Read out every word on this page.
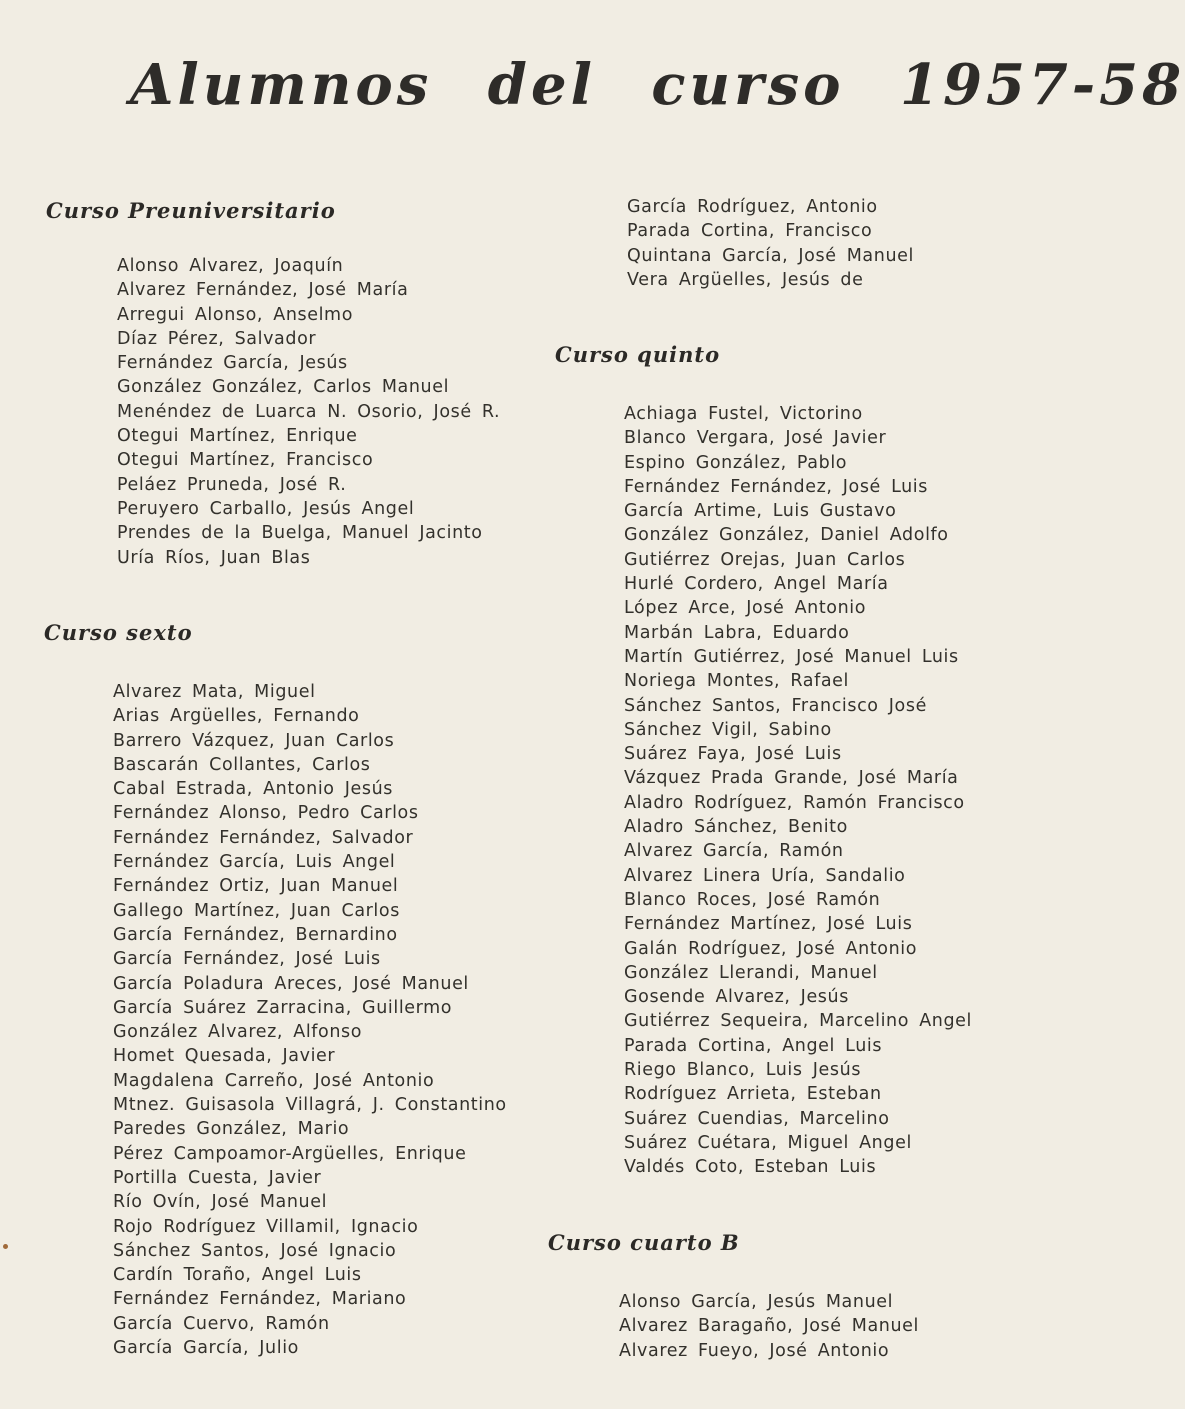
Alumnos del curso 1957-58
Curso Preuniversitario
Alonso Alvarez, Joaquín
Alvarez Fernández, José María
Arregui Alonso, Anselmo
Díaz Pérez, Salvador
Fernández García, Jesús
González González, Carlos Manuel
Menéndez de Luarca N. Osorio, José R.
Otegui Martínez, Enrique
Otegui Martínez, Francisco
Peláez Pruneda, José R.
Peruyero Carballo, Jesús Angel
Prendes de la Buelga, Manuel Jacinto
Uría Ríos, Juan Blas
Curso sexto
Alvarez Mata, Miguel
Arias Argüelles, Fernando
Barrero Vázquez, Juan Carlos
Bascarán Collantes, Carlos
Cabal Estrada, Antonio Jesús
Fernández Alonso, Pedro Carlos
Fernández Fernández, Salvador
Fernández García, Luis Angel
Fernández Ortiz, Juan Manuel
Gallego Martínez, Juan Carlos
García Fernández, Bernardino
García Fernández, José Luis
García Poladura Areces, José Manuel
García Suárez Zarracina, Guillermo
González Alvarez, Alfonso
Homet Quesada, Javier
Magdalena Carreño, José Antonio
Mtnez. Guisasola Villagrá, J. Constantino
Paredes González, Mario
Pérez Campoamor-Argüelles, Enrique
Portilla Cuesta, Javier
Río Ovín, José Manuel
Rojo Rodríguez Villamil, Ignacio
Sánchez Santos, José Ignacio
Cardín Toraño, Angel Luis
Fernández Fernández, Mariano
García Cuervo, Ramón
García García, Julio
García Rodríguez, Antonio
Parada Cortina, Francisco
Quintana García, José Manuel
Vera Argüelles, Jesús de
Curso quinto
Achiaga Fustel, Victorino
Blanco Vergara, José Javier
Espino González, Pablo
Fernández Fernández, José Luis
García Artime, Luis Gustavo
González González, Daniel Adolfo
Gutiérrez Orejas, Juan Carlos
Hurlé Cordero, Angel María
López Arce, José Antonio
Marbán Labra, Eduardo
Martín Gutiérrez, José Manuel Luis
Noriega Montes, Rafael
Sánchez Santos, Francisco José
Sánchez Vigil, Sabino
Suárez Faya, José Luis
Vázquez Prada Grande, José María
Aladro Rodríguez, Ramón Francisco
Aladro Sánchez, Benito
Alvarez García, Ramón
Alvarez Linera Uría, Sandalio
Blanco Roces, José Ramón
Fernández Martínez, José Luis
Galán Rodríguez, José Antonio
González Llerandi, Manuel
Gosende Alvarez, Jesús
Gutiérrez Sequeira, Marcelino Angel
Parada Cortina, Angel Luis
Riego Blanco, Luis Jesús
Rodríguez Arrieta, Esteban
Suárez Cuendias, Marcelino
Suárez Cuétara, Miguel Angel
Valdés Coto, Esteban Luis
Curso cuarto B
Alonso García, Jesús Manuel
Alvarez Baragaño, José Manuel
Alvarez Fueyo, José Antonio
